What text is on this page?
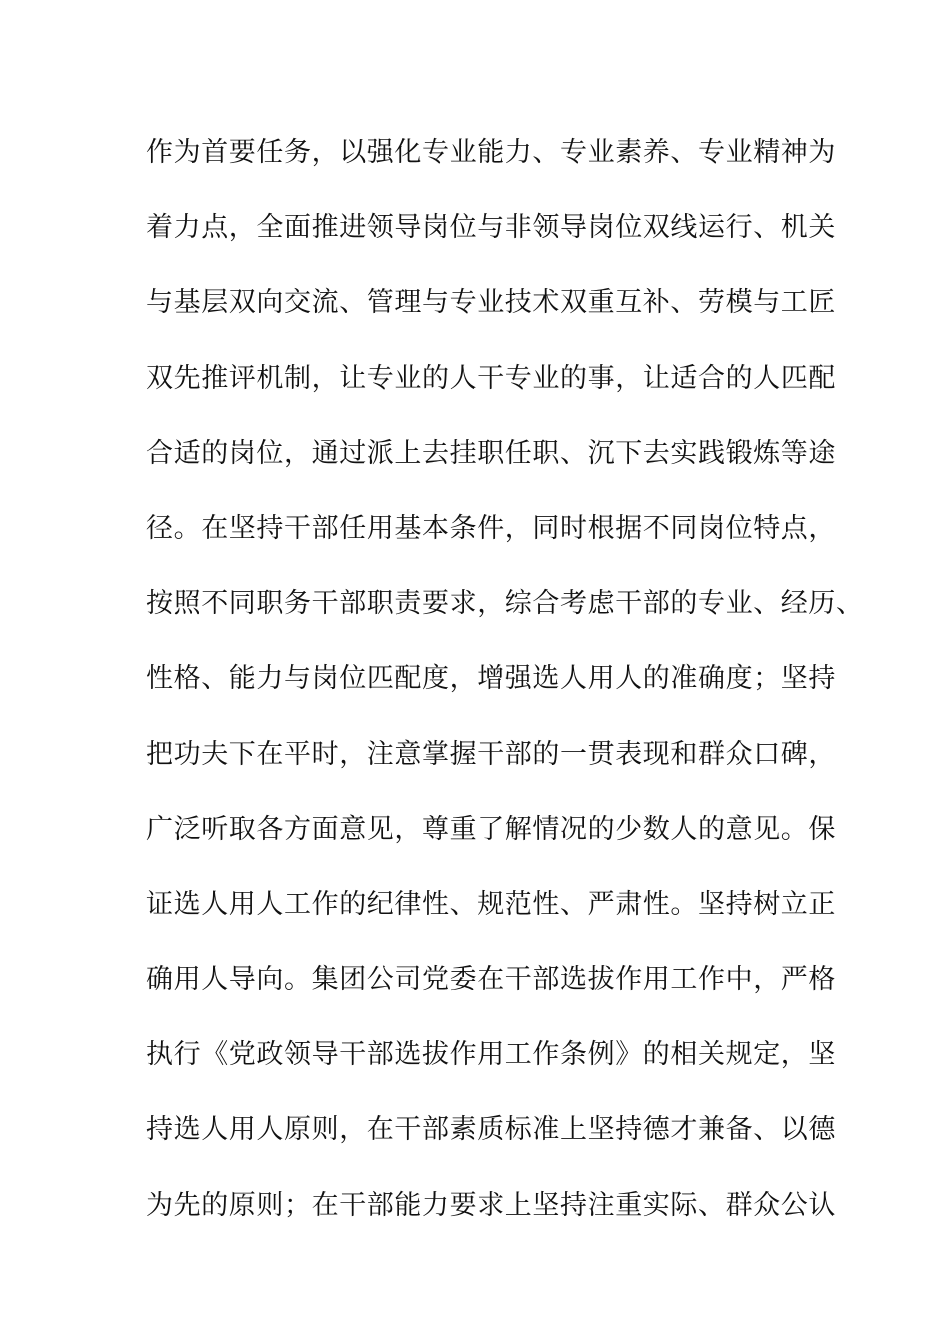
作为首要任务，以强化专业能力、专业素养、专业精神为
着力点，全面推进领导岗位与非领导岗位双线运行、机关
与基层双向交流、管理与专业技术双重互补、劳模与工匠
双先推评机制，让专业的人干专业的事，让适合的人匹配
合适的岗位，通过派上去挂职任职、沉下去实践锻炼等途
径。在坚持干部任用基本条件，同时根据不同岗位特点，
按照不同职务干部职责要求，综合考虑干部的专业、经历、
性格、能力与岗位匹配度，增强选人用人的准确度；坚持
把功夫下在平时，注意掌握干部的一贯表现和群众口碑，
广泛听取各方面意见，尊重了解情况的少数人的意见。保
证选人用人工作的纪律性、规范性、严肃性。坚持树立正
确用人导向。集团公司党委在干部选拔作用工作中，严格
执行《党政领导干部选拔作用工作条例》的相关规定，坚
持选人用人原则，在干部素质标准上坚持德才兼备、以德
为先的原则；在干部能力要求上坚持注重实际、群众公认
